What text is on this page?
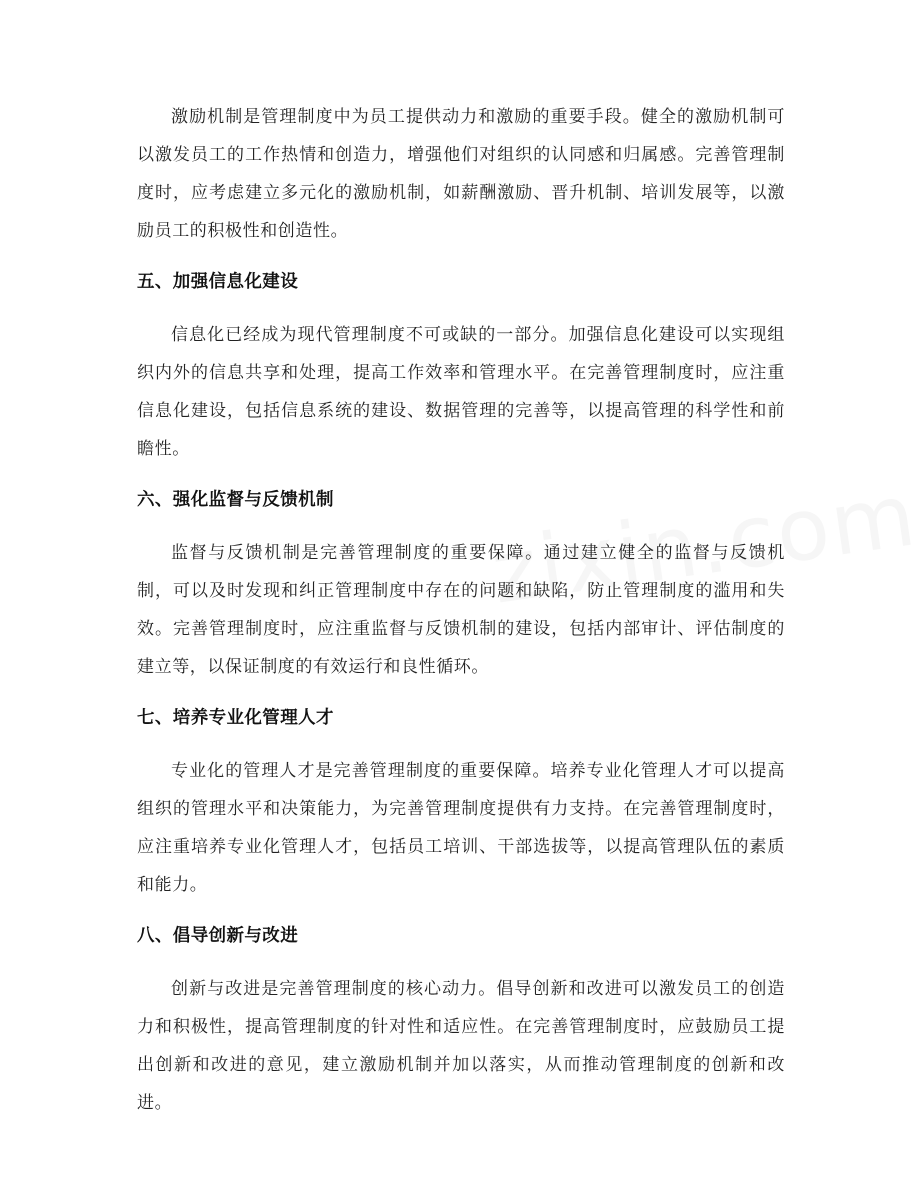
激励机制是管理制度中为员工提供动力和激励的重要手段。健全的激励机制可以激发员工的工作热情和创造力，增强他们对组织的认同感和归属感。完善管理制度时，应考虑建立多元化的激励机制，如薪酬激励、晋升机制、培训发展等，以激励员工的积极性和创造性。

五、加强信息化建设

信息化已经成为现代管理制度不可或缺的一部分。加强信息化建设可以实现组织内外的信息共享和处理，提高工作效率和管理水平。在完善管理制度时，应注重信息化建设，包括信息系统的建设、数据管理的完善等，以提高管理的科学性和前瞻性。

六、强化监督与反馈机制

监督与反馈机制是完善管理制度的重要保障。通过建立健全的监督与反馈机制，可以及时发现和纠正管理制度中存在的问题和缺陷，防止管理制度的滥用和失效。完善管理制度时，应注重监督与反馈机制的建设，包括内部审计、评估制度的建立等，以保证制度的有效运行和良性循环。

七、培养专业化管理人才

专业化的管理人才是完善管理制度的重要保障。培养专业化管理人才可以提高组织的管理水平和决策能力，为完善管理制度提供有力支持。在完善管理制度时，应注重培养专业化管理人才，包括员工培训、干部选拔等，以提高管理队伍的素质和能力。

八、倡导创新与改进

创新与改进是完善管理制度的核心动力。倡导创新和改进可以激发员工的创造力和积极性，提高管理制度的针对性和适应性。在完善管理制度时，应鼓励员工提出创新和改进的意见，建立激励机制并加以落实，从而推动管理制度的创新和改进。
